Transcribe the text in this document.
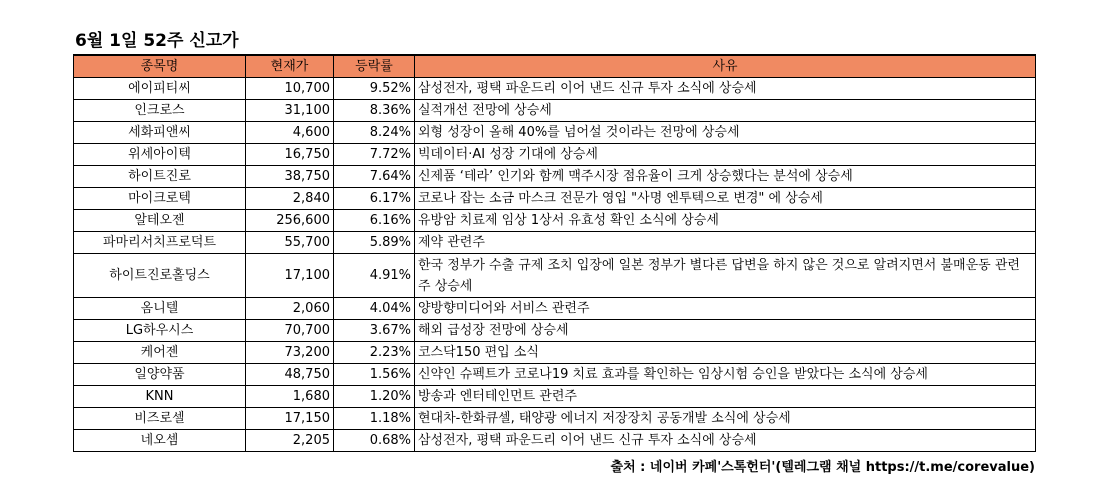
6월 1일 52주 신고가
종목명	현재가	등락률	사유
에이피티씨	10,700	9.52%	삼성전자, 평택 파운드리 이어 낸드 신규 투자 소식에 상승세
인크로스	31,100	8.36%	실적개선 전망에 상승세
세화피앤씨	4,600	8.24%	외형 성장이 올해 40%를 넘어설 것이라는 전망에 상승세
위세아이텍	16,750	7.72%	빅데이터·AI 성장 기대에 상승세
하이트진로	38,750	7.64%	신제품 ‘테라’ 인기와 함께 맥주시장 점유율이 크게 상승했다는 분석에 상승세
마이크로텍	2,840	6.17%	코로나 잡는 소금 마스크 전문가 영입 "사명 엔투텍으로 변경" 에 상승세
알테오젠	256,600	6.16%	유방암 치료제 임상 1상서 유효성 확인 소식에 상승세
파마리서치프로덕트	55,700	5.89%	제약 관련주
하이트진로홀딩스	17,100	4.91%	한국 정부가 수출 규제 조치 입장에 일본 정부가 별다른 답변을 하지 않은 것으로 알려지면서 불매운동 관련주 상승세
옴니텔	2,060	4.04%	양방향미디어와 서비스 관련주
LG하우시스	70,700	3.67%	해외 급성장 전망에 상승세
케어젠	73,200	2.23%	코스닥150 편입 소식
일양약품	48,750	1.56%	신약인 슈펙트가 코로나19 치료 효과를 확인하는 임상시험 승인을 받았다는 소식에 상승세
KNN	1,680	1.20%	방송과 엔터테인먼트 관련주
비즈로셀	17,150	1.18%	현대차-한화큐셀, 태양광 에너지 저장장치 공동개발 소식에 상승세
네오셈	2,205	0.68%	삼성전자, 평택 파운드리 이어 낸드 신규 투자 소식에 상승세
출처 : 네이버 카페'스톡헌터'(텔레그램 채널 https://t.me/corevalue)
